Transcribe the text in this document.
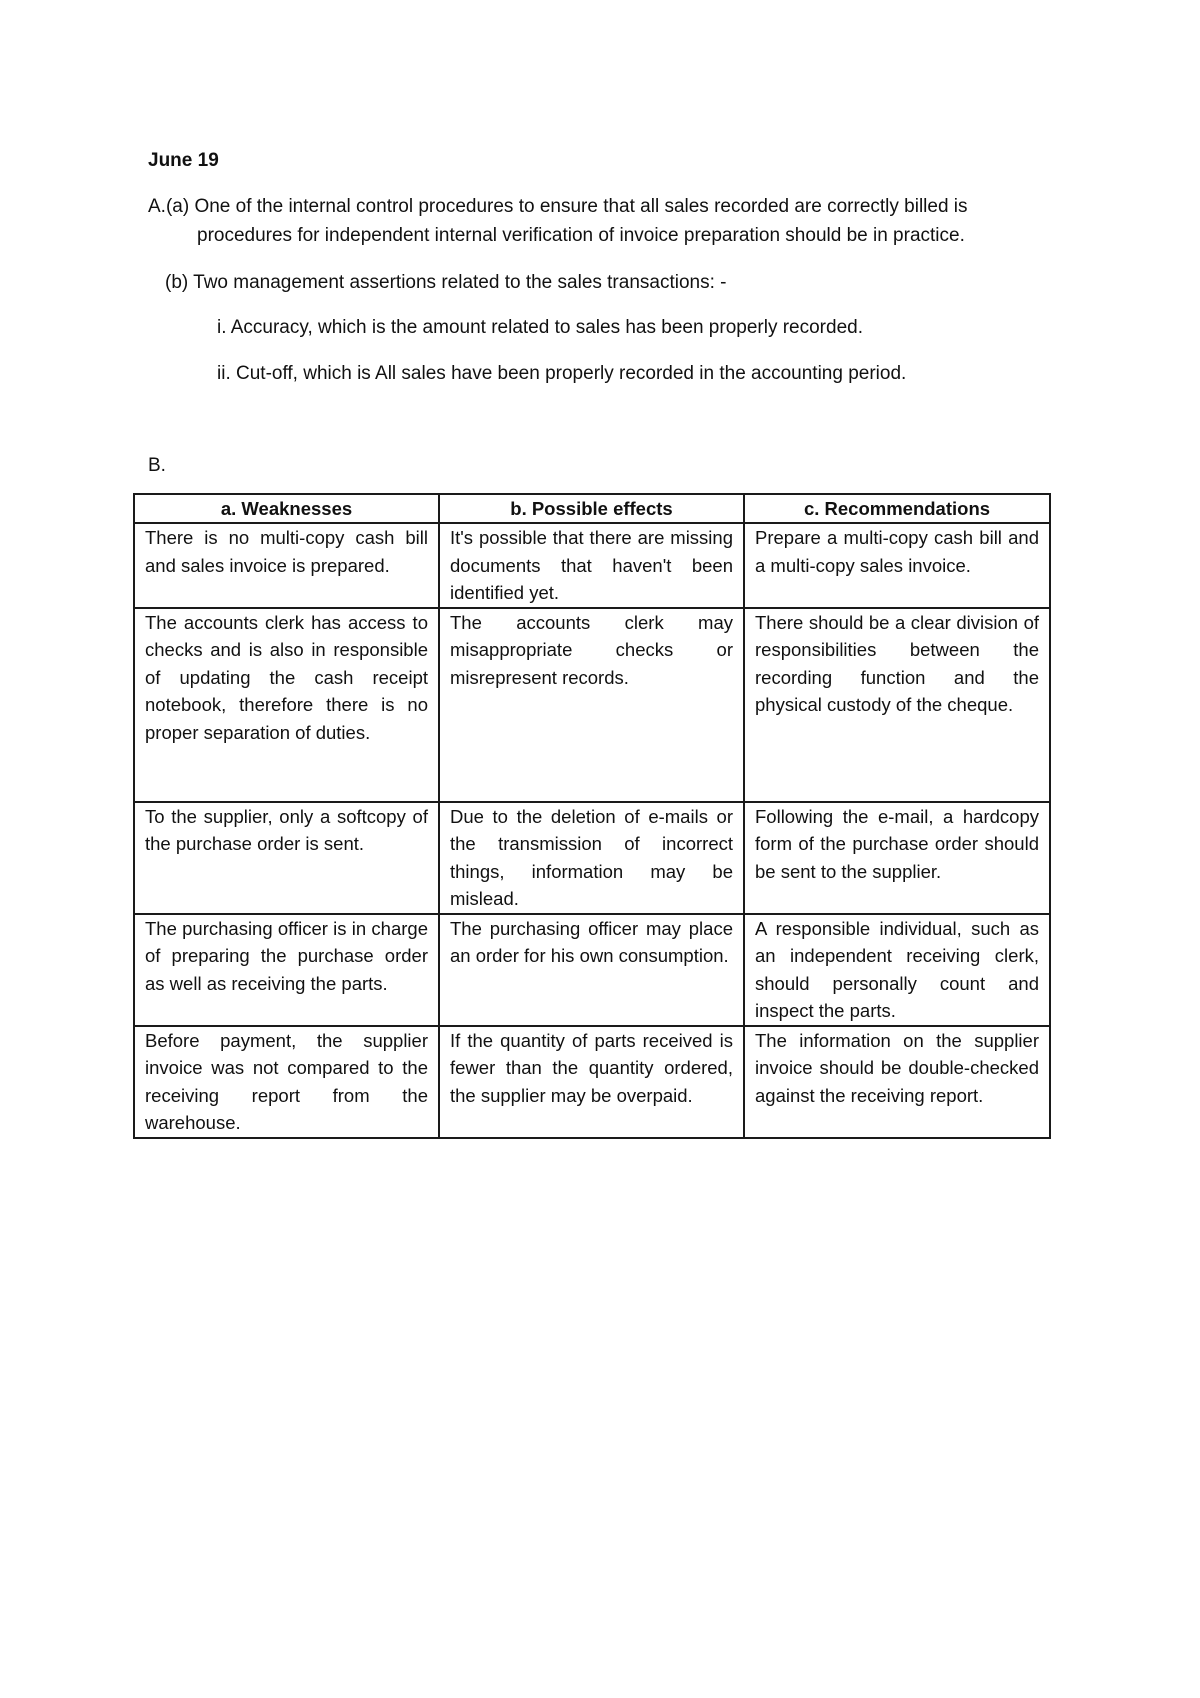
June 19

A.(a) One of the internal control procedures to ensure that all sales recorded are correctly billed is

procedures for independent internal verification of invoice preparation should be in practice.

(b) Two management assertions related to the sales transactions: -

i. Accuracy, which is the amount related to sales has been properly recorded.

ii. Cut-off, which is All sales have been properly recorded in the accounting period.

B.

a. Weaknesses	b. Possible effects	c. Recommendations
There is no multi-copy cash bill and sales invoice is prepared.	It's possible that there are missing documents that haven't been identified yet.	Prepare a multi-copy cash bill and a multi-copy sales invoice.
The accounts clerk has access to checks and is also in responsible of updating the cash receipt notebook, therefore there is no proper separation of duties.	The accounts clerk may misappropriate checks or misrepresent records.	There should be a clear division of responsibilities between the recording function and the physical custody of the cheque.
To the supplier, only a softcopy of the purchase order is sent.	Due to the deletion of e-mails or the transmission of incorrect things, information may be mislead.	Following the e-mail, a hardcopy form of the purchase order should be sent to the supplier.
The purchasing officer is in charge of preparing the purchase order as well as receiving the parts.	The purchasing officer may place an order for his own consumption.	A responsible individual, such as an independent receiving clerk, should personally count and inspect the parts.
Before payment, the supplier invoice was not compared to the receiving report from the warehouse.	If the quantity of parts received is fewer than the quantity ordered, the supplier may be overpaid.	The information on the supplier invoice should be double-checked against the receiving report.
